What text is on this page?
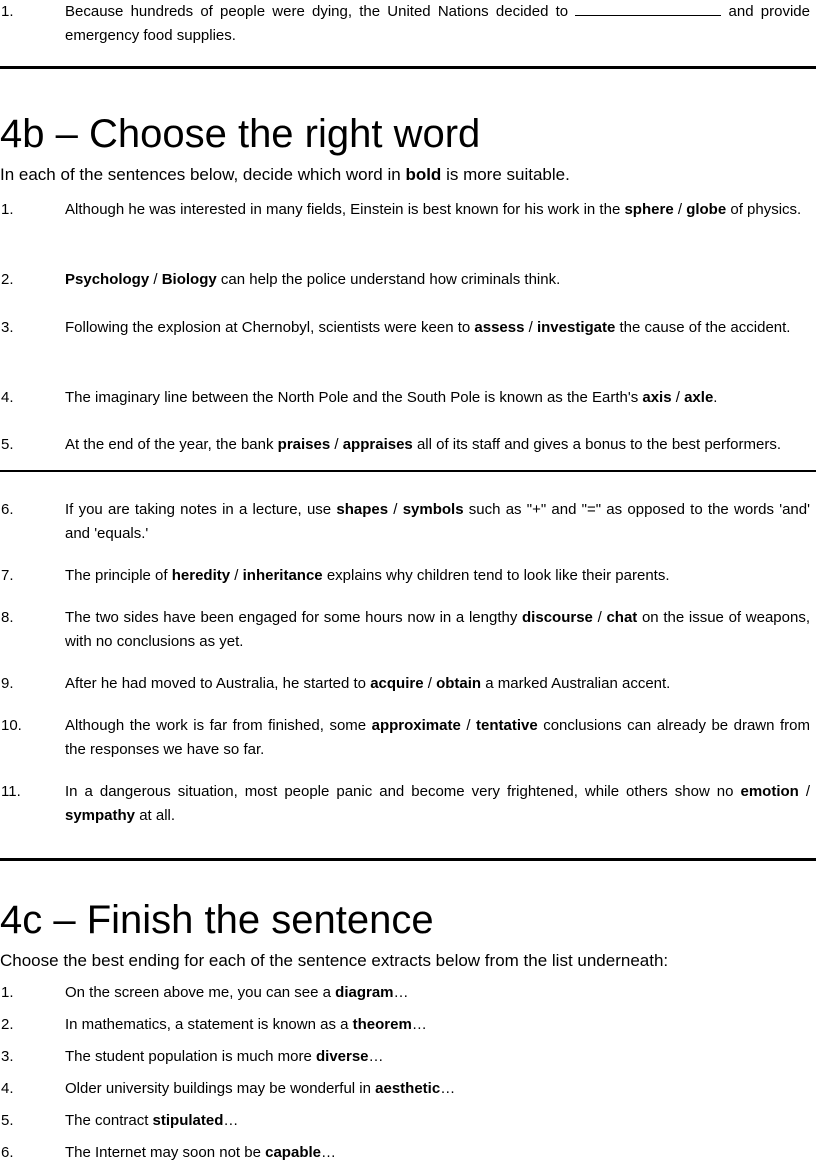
1.	Because hundreds of people were dying, the United Nations decided to	and provide emergency food supplies.
4b – Choose the right word

In each of the sentences below, decide which word in bold is more suitable.

1.	Although he was interested in many fields, Einstein is best known for his work in the sphere / globe of physics.
2.	Psychology / Biology can help the police understand how criminals think.
3.	Following the explosion at Chernobyl, scientists were keen to assess / investigate the cause of the accident.
4.	The imaginary line between the North Pole and the South Pole is known as the Earth's axis / axle.
5.	At the end of the year, the bank praises / appraises all of its staff and gives a bonus to the best performers.
6.	If you are taking notes in a lecture, use shapes / symbols such as "+" and "=" as opposed to the words 'and' and 'equals.'
7.	The principle of heredity / inheritance explains why children tend to look like their parents.
8.	The two sides have been engaged for some hours now in a lengthy discourse / chat on the issue of weapons, with no conclusions as yet.
9.	After he had moved to Australia, he started to acquire / obtain a marked Australian accent.
10.	Although the work is far from finished, some approximate / tentative conclusions can already be drawn from the responses we have so far.
11.	In a dangerous situation, most people panic and become very frightened, while others show no emotion / sympathy at all.
4c – Finish the sentence

Choose the best ending for each of the sentence extracts below from the list underneath:

1.	On the screen above me, you can see a diagram…
2.	In mathematics, a statement is known as a theorem…
3.	The student population is much more diverse…
4.	Older university buildings may be wonderful in aesthetic…
5.	The contract stipulated…
6.	The Internet may soon not be capable…
